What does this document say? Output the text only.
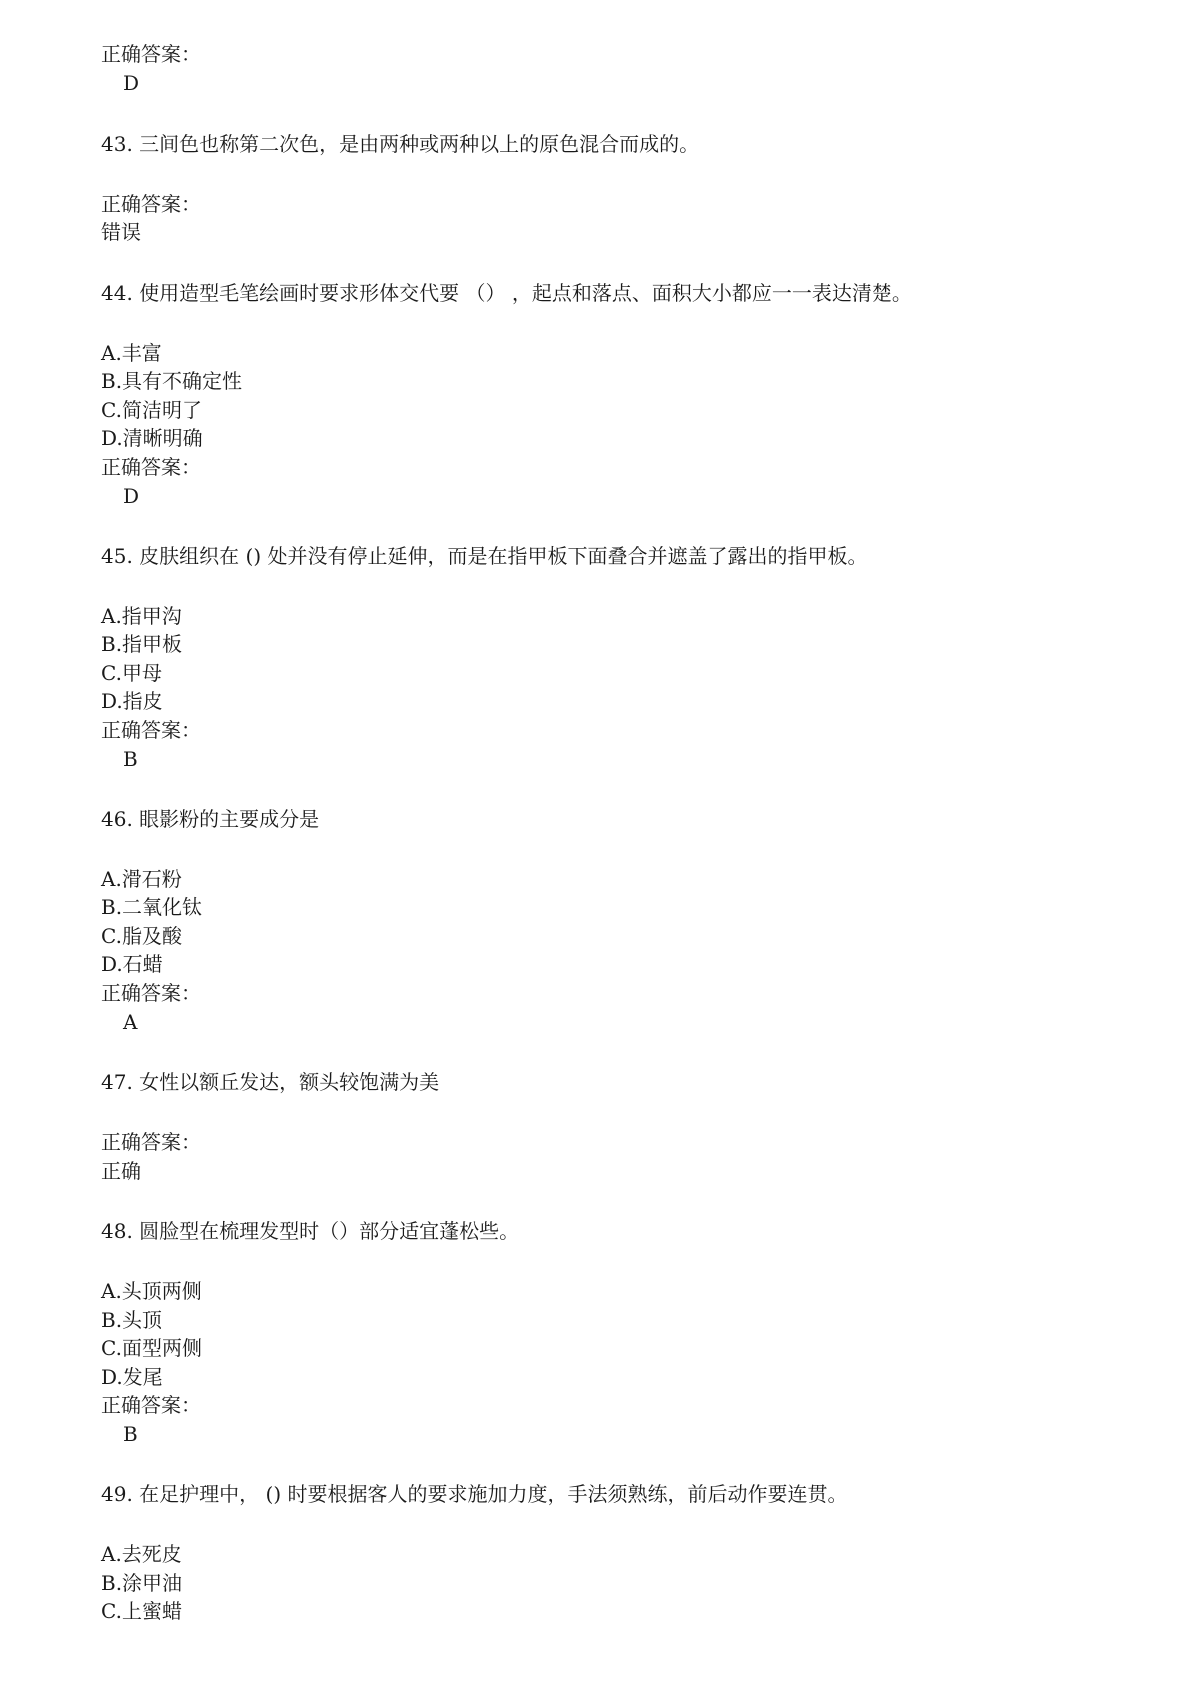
正确答案：
D
43. 三间色也称第二次色，是由两种或两种以上的原色混合而成的。
正确答案：
错误
44. 使用造型毛笔绘画时要求形体交代要 （） ，起点和落点、面积大小都应一一表达清楚。
A.丰富
B.具有不确定性
C.简洁明了
D.清晰明确
正确答案：
D
45. 皮肤组织在 () 处并没有停止延伸，而是在指甲板下面叠合并遮盖了露出的指甲板。
A.指甲沟
B.指甲板
C.甲母
D.指皮
正确答案：
B
46. 眼影粉的主要成分是
A.滑石粉
B.二氧化钛
C.脂及酸
D.石蜡
正确答案：
A
47. 女性以额丘发达，额头较饱满为美
正确答案：
正确
48. 圆脸型在梳理发型时（）部分适宜蓬松些。
A.头顶两侧
B.头顶
C.面型两侧
D.发尾
正确答案：
B
49. 在足护理中， () 时要根据客人的要求施加力度，手法须熟练，前后动作要连贯。
A.去死皮
B.涂甲油
C.上蜜蜡
